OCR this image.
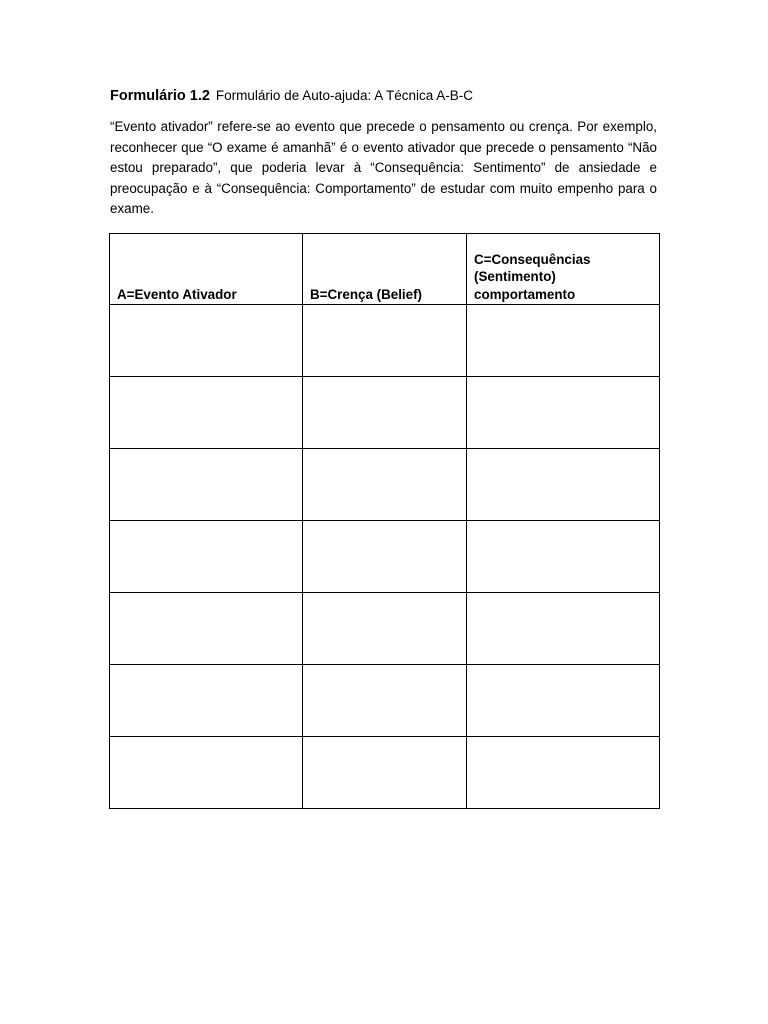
Formulário 1.2 Formulário de Auto-ajuda: A Técnica A-B-C

“Evento ativador” refere-se ao evento que precede o pensamento ou crença. Por exemplo, reconhecer que “O exame é amanhã” é o evento ativador que precede o pensamento “Não estou preparado”, que poderia levar à “Consequência: Sentimento” de ansiedade e preocupação e à “Consequência: Comportamento” de estudar com muito empenho para o exame.

A=Evento Ativador	B=Crença (Belief)	C=Consequências (Sentimento) comportamento
